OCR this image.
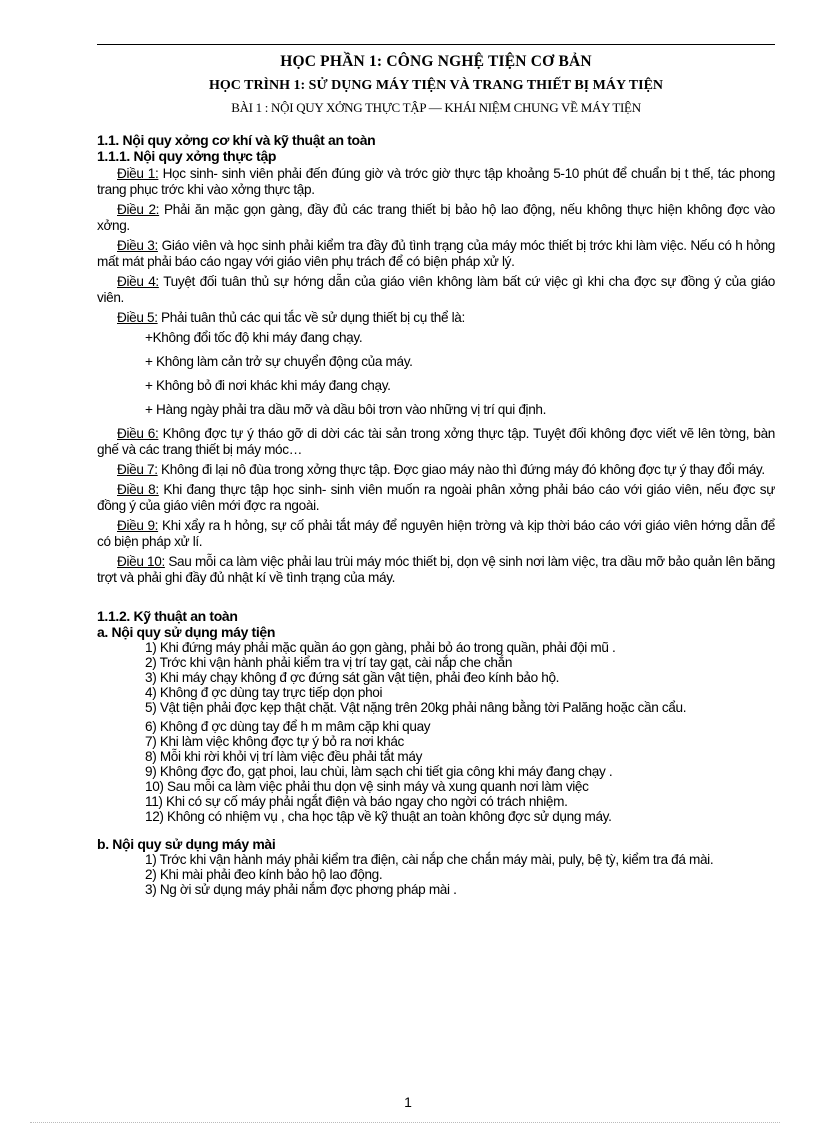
HỌC PHẦN 1: CÔNG NGHỆ TIỆN CƠ BẢN
HỌC TRÌNH 1: SỬ DỤNG MÁY TIỆN VÀ TRANG THIẾT BỊ MÁY TIỆN
BÀI 1 : NỘI QUY XỞNG THỰC TẬP — KHÁI NIỆM CHUNG VỀ MÁY TIỆN

1.1. Nội quy xởng cơ khí và kỹ thuật an toàn

1.1.1. Nội quy xởng thực tập

Điều 1: Học sinh- sinh viên phải đến đúng giờ và trớc giờ thực tập khoảng 5-10 phút để chuẩn bị t thế, tác phong trang phục trớc khi vào xởng thực tập.

Điều 2: Phải ăn mặc gọn gàng, đầy đủ các trang thiết bị bảo hộ lao động, nếu không thực hiện không đợc vào xởng.

Điều 3: Giáo viên và học sinh phải kiểm tra đầy đủ tình trạng của máy móc thiết bị trớc khi làm việc. Nếu có h hỏng mất mát phải báo cáo ngay với giáo viên phụ trách để có biện pháp xử lý.

Điều 4: Tuyệt đối tuân thủ sự hớng dẫn của giáo viên không làm bất cứ việc gì khi cha đợc sự đồng ý của giáo viên.

Điều 5: Phải tuân thủ các qui tắc về sử dụng thiết bị cụ thể là:

+Không đổi tốc độ khi máy đang chạy.

+ Không làm cản trở sự chuyển động của máy.

+ Không bỏ đi nơi khác khi máy đang chạy.

+ Hàng ngày phải tra dầu mỡ và dầu bôi trơn vào những vị trí qui định.

Điều 6: Không đợc tự ý tháo gỡ di dời các tài sản trong xởng thực tập. Tuyệt đối không đợc viết vẽ lên tờng, bàn ghế và các trang thiết bị máy móc…

Điều 7: Không đi lại nô đùa trong xởng thực tập. Đợc giao máy nào thì đứng máy đó không đợc tự ý thay đổi máy.

Điều 8: Khi đang thực tập học sinh- sinh viên muốn ra ngoài phân xởng phải báo cáo với giáo viên, nếu đợc sự đồng ý của giáo viên mới đợc ra ngoài.

Điều 9: Khi xẩy ra h hỏng, sự cố phải tắt máy để nguyên hiện trờng và kịp thời báo cáo với giáo viên hớng dẫn để có biện pháp xử lí.

Điều 10: Sau mỗi ca làm việc phải lau trùi máy móc thiết bị, dọn vệ sinh nơi làm việc, tra dầu mỡ bảo quản lên băng trợt và phải ghi đầy đủ nhật kí về tình trạng của máy.

1.1.2. Kỹ thuật an toàn

a. Nội quy sử dụng máy tiện

1) Khi đứng máy phải mặc quần áo gọn gàng, phải bỏ áo trong quần, phải đội mũ .

2) Trớc khi vận hành phải kiểm tra vị trí tay gạt, cài nắp che chắn

3) Khi máy chạy không đ ợc đứng sát gần vật tiện, phải đeo kính bảo hộ.

4) Không đ ợc dùng tay trực tiếp dọn phoi

5) Vật tiện phải đợc kẹp thật chặt. Vật nặng trên 20kg phải nâng bằng tời Palăng hoặc cần cẩu.

6) Không đ ợc dùng tay để h m mâm cặp khi quay

7) Khi làm việc không đợc tự ý bỏ ra nơi khác

8) Mỗi khi rời khỏi vị trí làm việc đều phải tắt máy

9) Không đợc đo, gạt phoi, lau chùi, làm sạch chi tiết gia công khi máy đang chạy .

10) Sau mỗi ca làm việc phải thu dọn vệ sinh máy và xung quanh nơi làm việc

11) Khi có sự cố máy phải ngắt điện và báo ngay cho ngời có trách nhiệm.

12) Không có nhiệm vụ , cha học tập về kỹ thuật an toàn không đợc sử dụng máy.

b. Nội quy sử dụng máy mài

1) Trớc khi vận hành máy phải kiểm tra điện, cài nắp che chắn máy mài, puly, bệ tỳ, kiểm tra đá mài.

2) Khi mài phải đeo kính bảo hộ lao động.

3) Ng ời sử dụng máy phải nắm đợc phơng pháp mài .

1
